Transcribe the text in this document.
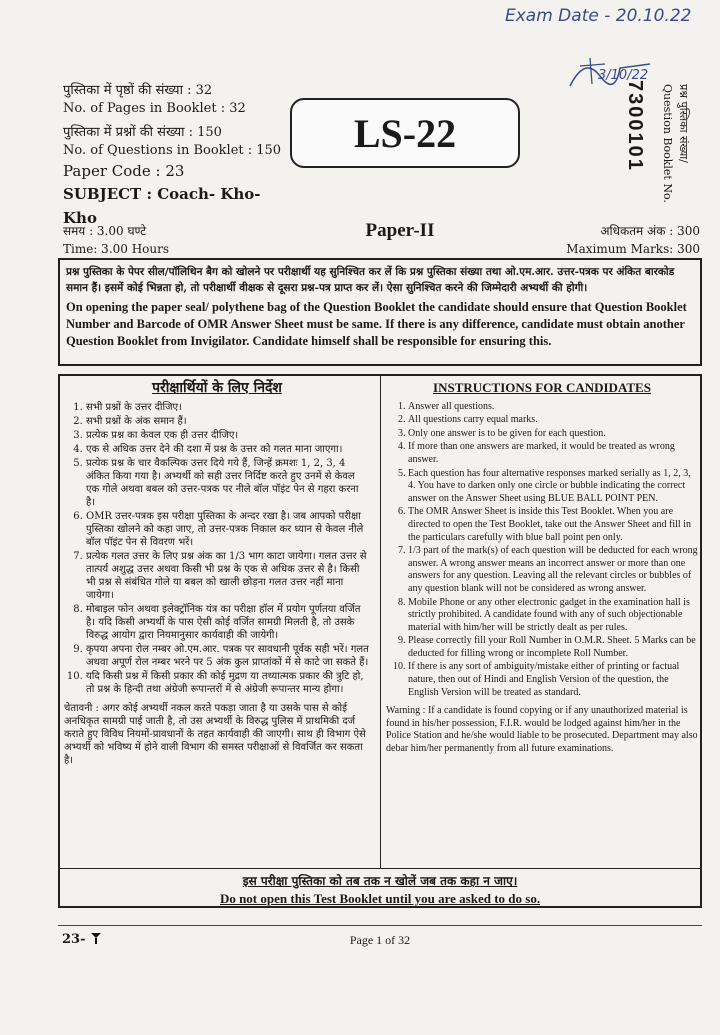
Exam Date - 20.10.22
3/10/22
7300101	प्रश्न पुस्तिका संख्या/
Question Booklet No.
पुस्तिका में पृष्ठों की संख्या : 32
No. of Pages in Booklet : 32
पुस्तिका में प्रश्नों की संख्या : 150
No. of Questions in Booklet : 150
Paper Code : 23
SUBJECT : Coach- Kho-Kho
LS-22
समय : 3.00 घण्टे
Time: 3.00 Hours
Paper-II	अधिकतम अंक : 300
Maximum Marks: 300
प्रश्न पुस्तिका के पेपर सील/पॉलिथिन बैग को खोलने पर परीक्षार्थी यह सुनिश्चित कर लें कि प्रश्न पुस्तिका संख्या तथा ओ.एम.आर. उत्तर-पत्रक पर अंकित बारकोड समान हैं। इसमें कोई भिन्नता हो, तो परीक्षार्थी वीक्षक से दूसरा प्रश्न-पत्र प्राप्त कर लें। ऐसा सुनिश्चित करने की जिम्मेदारी अभ्यर्थी की होगी।
On opening the paper seal/ polythene bag of the Question Booklet the candidate should ensure that Question Booklet Number and Barcode of OMR Answer Sheet must be same. If there is any difference, candidate must obtain another Question Booklet from Invigilator. Candidate himself shall be responsible for ensuring this.
परीक्षार्थियों के लिए निर्देश
1. सभी प्रश्नों के उत्तर दीजिए।
2. सभी प्रश्नों के अंक समान हैं।
3. प्रत्येक प्रश्न का केवल एक ही उत्तर दीजिए।
4. एक से अधिक उत्तर देने की दशा में प्रश्न के उत्तर को गलत माना जाएगा।
5. प्रत्येक प्रश्न के चार वैकल्पिक उत्तर दिये गये हैं, जिन्हें क्रमशः 1, 2, 3, 4 अंकित किया गया है। अभ्यर्थी को सही उत्तर निर्दिष्ट करते हुए उनमें से केवल एक गोले अथवा बबल को उत्तर-पत्रक पर नीले बॉल पॉइंट पेन से गहरा करना है।
6. OMR उत्तर-पत्रक इस परीक्षा पुस्तिका के अन्दर रखा है। जब आपको परीक्षा पुस्तिका खोलने को कहा जाए, तो उत्तर-पत्रक निकाल कर ध्यान से केवल नीले बॉल पॉइंट पेन से विवरण भरें।
7. प्रत्येक गलत उत्तर के लिए प्रश्न अंक का 1/3 भाग काटा जायेगा। गलत उत्तर से तात्पर्य अशुद्ध उत्तर अथवा किसी भी प्रश्न के एक से अधिक उत्तर से है। किसी भी प्रश्न से संबंधित गोले या बबल को खाली छोड़ना गलत उत्तर नहीं माना जायेगा।
8. मोबाइल फोन अथवा इलेक्ट्रॉनिक यंत्र का परीक्षा हॉल में प्रयोग पूर्णतया वर्जित है। यदि किसी अभ्यर्थी के पास ऐसी कोई वर्जित सामग्री मिलती है, तो उसके विरुद्ध आयोग द्वारा नियमानुसार कार्यवाही की जायेगी।
9. कृपया अपना रोल नम्बर ओ.एम.आर. पत्रक पर सावधानी पूर्वक सही भरें। गलत अथवा अपूर्ण रोल नम्बर भरने पर 5 अंक कुल प्राप्तांकों में से काटे जा सकते हैं।
10. यदि किसी प्रश्न में किसी प्रकार की कोई मुद्रण या तथ्यात्मक प्रकार की त्रुटि हो, तो प्रश्न के हिन्दी तथा अंग्रेजी रूपान्तरों में से अंग्रेजी रूपान्तर मान्य होगा।
चेतावनी : अगर कोई अभ्यर्थी नकल करते पकड़ा जाता है या उसके पास से कोई अनधिकृत सामग्री पाई जाती है, तो उस अभ्यर्थी के विरुद्ध पुलिस में प्राथमिकी दर्ज कराते हुए विविध नियमों-प्रावधानों के तहत कार्यवाही की जाएगी। साथ ही विभाग ऐसे अभ्यर्थी को भविष्य में होने वाली विभाग की समस्त परीक्षाओं से विवर्जित कर सकता है।
INSTRUCTIONS FOR CANDIDATES
1. Answer all questions.
2. All questions carry equal marks.
3. Only one answer is to be given for each question.
4. If more than one answers are marked, it would be treated as wrong answer.
5. Each question has four alternative responses marked serially as 1, 2, 3, 4. You have to darken only one circle or bubble indicating the correct answer on the Answer Sheet using BLUE BALL POINT PEN.
6. The OMR Answer Sheet is inside this Test Booklet. When you are directed to open the Test Booklet, take out the Answer Sheet and fill in the particulars carefully with blue ball point pen only.
7. 1/3 part of the mark(s) of each question will be deducted for each wrong answer. A wrong answer means an incorrect answer or more than one answers for any question. Leaving all the relevant circles or bubbles of any question blank will not be considered as wrong answer.
8. Mobile Phone or any other electronic gadget in the examination hall is strictly prohibited. A candidate found with any of such objectionable material with him/her will be strictly dealt as per rules.
9. Please correctly fill your Roll Number in O.M.R. Sheet. 5 Marks can be deducted for filling wrong or incomplete Roll Number.
10. If there is any sort of ambiguity/mistake either of printing or factual nature, then out of Hindi and English Version of the question, the English Version will be treated as standard.
Warning : If a candidate is found copying or if any unauthorized material is found in his/her possession, F.I.R. would be lodged against him/her in the Police Station and he/she would liable to be prosecuted. Department may also debar him/her permanently from all future examinations.
इस परीक्षा पुस्तिका को तब तक न खोलें जब तक कहा न जाए।
Do not open this Test Booklet until you are asked to do so.
23-	Page 1 of 32
